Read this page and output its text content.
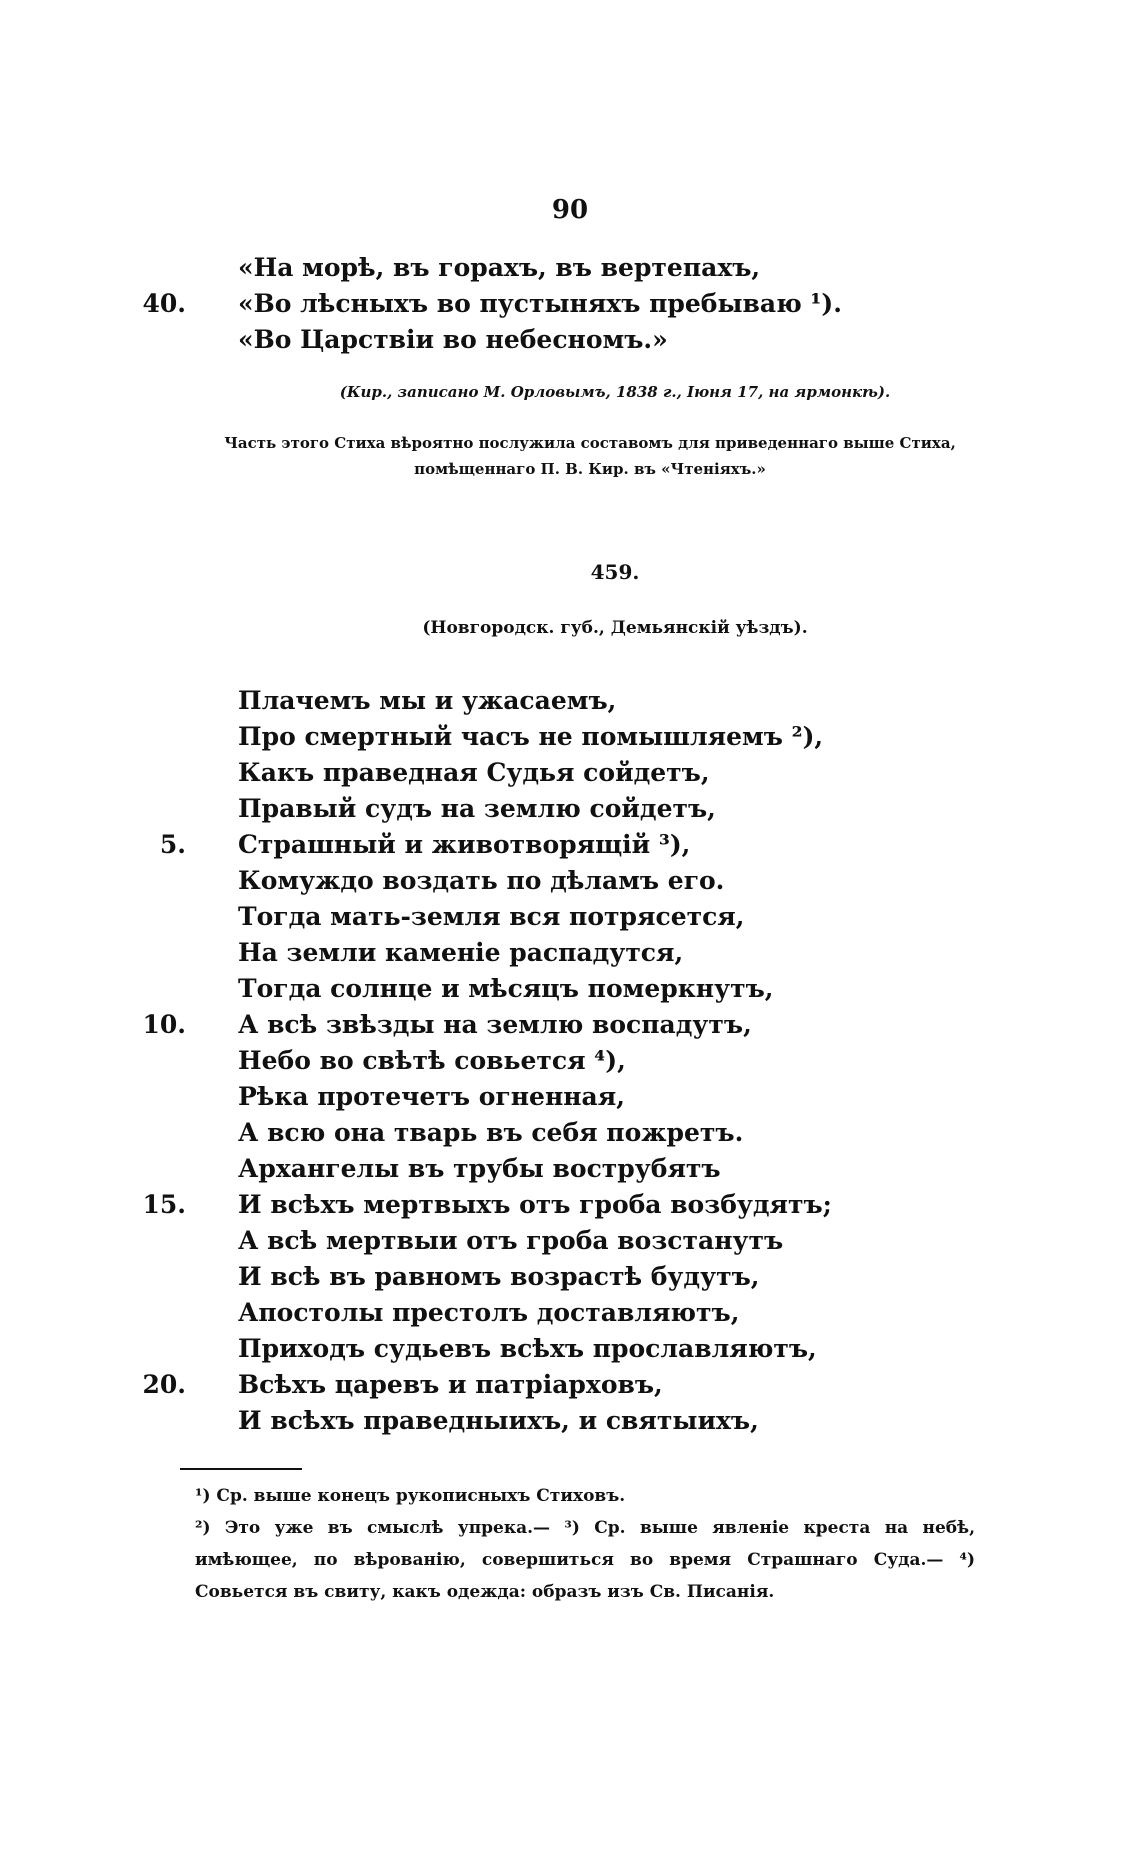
90
«На морѣ, въ горахъ, въ вертепахъ,
40. «Во лѣсныхъ во пустыняхъ пребываю ¹).
«Во Царствіи во небесномъ.»
(Кир., записано М. Орловымъ, 1838 г., Іюня 17, на ярмонкѣ).
Часть этого Стиха вѣроятно послужила составомъ для приведеннаго выше Стиха, помѣщеннаго П. В. Кир. въ «Чтеніяхъ.»
459.
(Новгородск. губ., Демьянскій уѣздъ).
Плачемъ мы и ужасаемъ,
Про смертный часъ не помышляемъ ²),
Какъ праведная Судья сойдетъ,
Правый судъ на землю сойдетъ,
5. Страшный и животворящій ³),
Комуждо воздать по дѣламъ его.
Тогда мать-земля вся потрясется,
На земли каменіе распадутся,
Тогда солнце и мѣсяцъ померкнутъ,
10. А всѣ звѣзды на землю воспадутъ,
Небо во свѣтѣ совьется ⁴),
Рѣка протечетъ огненная,
А всю она тварь въ себя пожретъ.
Архангелы въ трубы вострубятъ
15. И всѣхъ мертвыхъ отъ гроба возбудятъ;
А всѣ мертвыи отъ гроба возстанутъ
И всѣ въ равномъ возрастѣ будутъ,
Апостолы престолъ доставляютъ,
Приходъ судьевъ всѣхъ прославляютъ,
20. Всѣхъ царевъ и патріарховъ,
И всѣхъ праведныихъ, и святыихъ,

¹) Ср. выше конецъ рукописныхъ Стиховъ.

²) Это уже въ смыслѣ упрека.— ³) Ср. выше явленіе креста на небѣ, имѣющее, по вѣрованію, совершиться во время Страшнаго Суда.— ⁴) Совьется въ свиту, какъ одежда: образъ изъ Св. Писанія.
